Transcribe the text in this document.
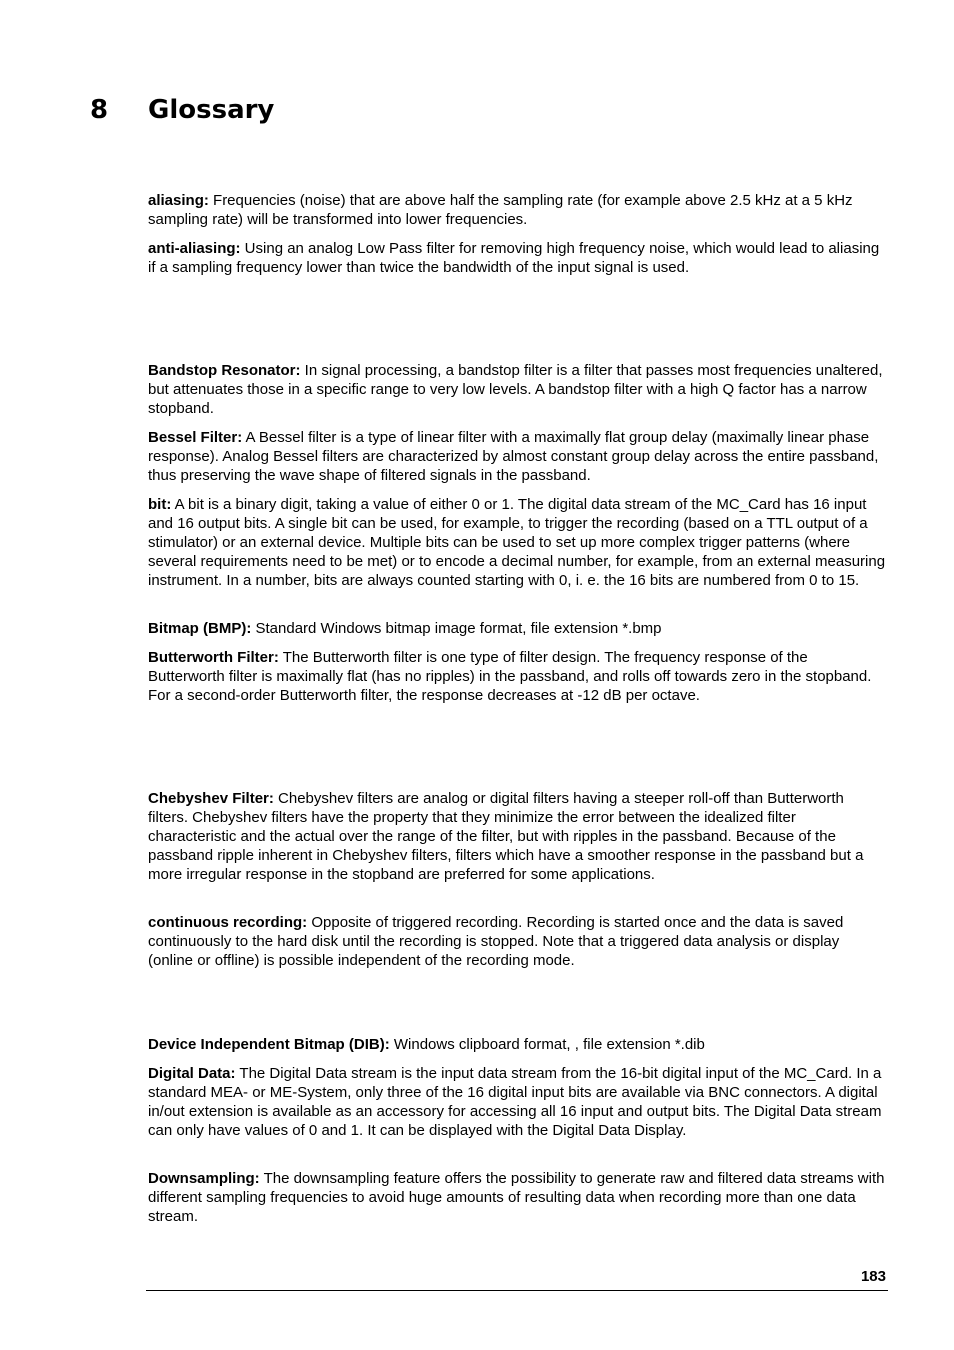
8 Glossary

aliasing: Frequencies (noise) that are above half the sampling rate (for example above 2.5 kHz at a 5 kHz sampling rate) will be transformed into lower frequencies.

anti-aliasing: Using an analog Low Pass filter for removing high frequency noise, which would lead to aliasing if a sampling frequency lower than twice the bandwidth of the input signal is used.

Bandstop Resonator: In signal processing, a bandstop filter is a filter that passes most frequencies unaltered, but attenuates those in a specific range to very low levels. A bandstop filter with a high Q factor has a narrow stopband.

Bessel Filter: A Bessel filter is a type of linear filter with a maximally flat group delay (maximally linear phase response). Analog Bessel filters are characterized by almost constant group delay across the entire passband, thus preserving the wave shape of filtered signals in the passband.

bit: A bit is a binary digit, taking a value of either 0 or 1. The digital data stream of the MC_Card has 16 input and 16 output bits. A single bit can be used, for example, to trigger the recording (based on a TTL output of a stimulator) or an external device. Multiple bits can be used to set up more complex trigger patterns (where several requirements need to be met) or to encode a decimal number, for example, from an external measuring instrument. In a number, bits are always counted starting with 0, i. e. the 16 bits are numbered from 0 to 15.

Bitmap (BMP): Standard Windows bitmap image format, file extension *.bmp

Butterworth Filter: The Butterworth filter is one type of filter design. The frequency response of the Butterworth filter is maximally flat (has no ripples) in the passband, and rolls off towards zero in the stopband. For a second-order Butterworth filter, the response decreases at -12 dB per octave.

Chebyshev Filter: Chebyshev filters are analog or digital filters having a steeper roll-off than Butterworth filters. Chebyshev filters have the property that they minimize the error between the idealized filter characteristic and the actual over the range of the filter, but with ripples in the passband. Because of the passband ripple inherent in Chebyshev filters, filters which have a smoother response in the passband but a more irregular response in the stopband are preferred for some applications.

continuous recording: Opposite of triggered recording. Recording is started once and the data is saved continuously to the hard disk until the recording is stopped. Note that a triggered data analysis or display (online or offline) is possible independent of the recording mode.

Device Independent Bitmap (DIB): Windows clipboard format, , file extension *.dib

Digital Data: The Digital Data stream is the input data stream from the 16-bit digital input of the MC_Card. In a standard MEA- or ME-System, only three of the 16 digital input bits are available via BNC connectors. A digital in/out extension is available as an accessory for accessing all 16 input and output bits. The Digital Data stream can only have values of 0 and 1. It can be displayed with the Digital Data Display.

Downsampling: The downsampling feature offers the possibility to generate raw and filtered data streams with different sampling frequencies to avoid huge amounts of resulting data when recording more than one data stream.

183
